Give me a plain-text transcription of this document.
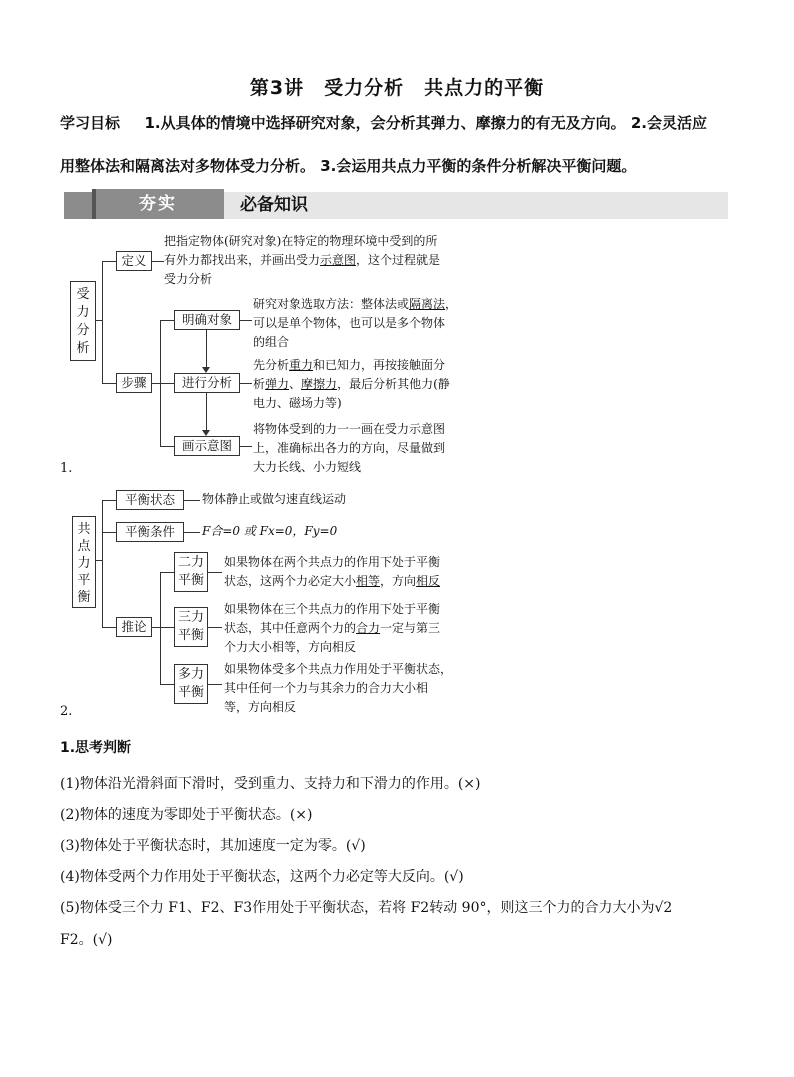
第3讲　受力分析　共点力的平衡
学习目标 1.从具体的情境中选择研究对象，会分析其弹力、摩擦力的有无及方向。 2.会灵活应
用整体法和隔离法对多物体受力分析。 3.会运用共点力平衡的条件分析解决平衡问题。
夯实	必备知识
受力分析
定义
把指定物体(研究对象)在特定的物理环境中受到的所
有外力都找出来，并画出受力示意图，这个过程就是
受力分析
步骤
明确对象
研究对象选取方法：整体法或隔离法，
可以是单个物体，也可以是多个物体
的组合
进行分析
先分析重力和已知力，再按接触面分
析弹力、摩擦力，最后分析其他力(静
电力、磁场力等)
画示意图
将物体受到的力一一画在受力示意图
上，准确标出各力的方向，尽量做到
大力长线、小力短线
1.
共点力平衡
平衡状态	物体静止或做匀速直线运动
平衡条件	F合=0 或 Fx=0，Fy=0
推论
二力平衡
如果物体在两个共点力的作用下处于平衡
状态，这两个力必定大小相等，方向相反
三力平衡
如果物体在三个共点力的作用下处于平衡
状态，其中任意两个力的合力一定与第三
个力大小相等，方向相反
多力平衡
如果物体受多个共点力作用处于平衡状态，
其中任何一个力与其余力的合力大小相
等，方向相反
2.
1.思考判断
(1)物体沿光滑斜面下滑时，受到重力、支持力和下滑力的作用。(×)
(2)物体的速度为零即处于平衡状态。(×)
(3)物体处于平衡状态时，其加速度一定为零。(√)
(4)物体受两个力作用处于平衡状态，这两个力必定等大反向。(√)
(5)物体受三个力 F1、F2、F3作用处于平衡状态，若将 F2转动 90°，则这三个力的合力大小为√2
F2。(√)
